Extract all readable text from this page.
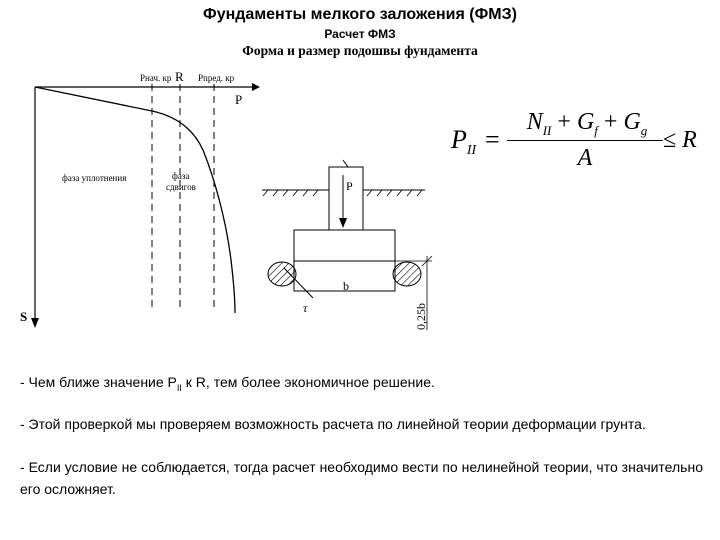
Фундаменты мелкого заложения (ФМЗ)
Расчет ФМЗ
Форма и размер подошвы фундамента
Pнач. кр R Pпред. кр
P
S
фаза уплотнения	фаза
сдвигов	P
τ
b
0,25b
$P_{II}$ =
$N_{II} + G_f + G_g$
A
≤ R
- Чем ближе значение $P_{II}$ к R, тем более экономичное решение.
- Этой проверкой мы проверяем возможность расчета по линейной теории деформации грунта.
- Если условие не соблюдается, тогда расчет необходимо вести по нелинейной теории, что значительно его осложняет.
